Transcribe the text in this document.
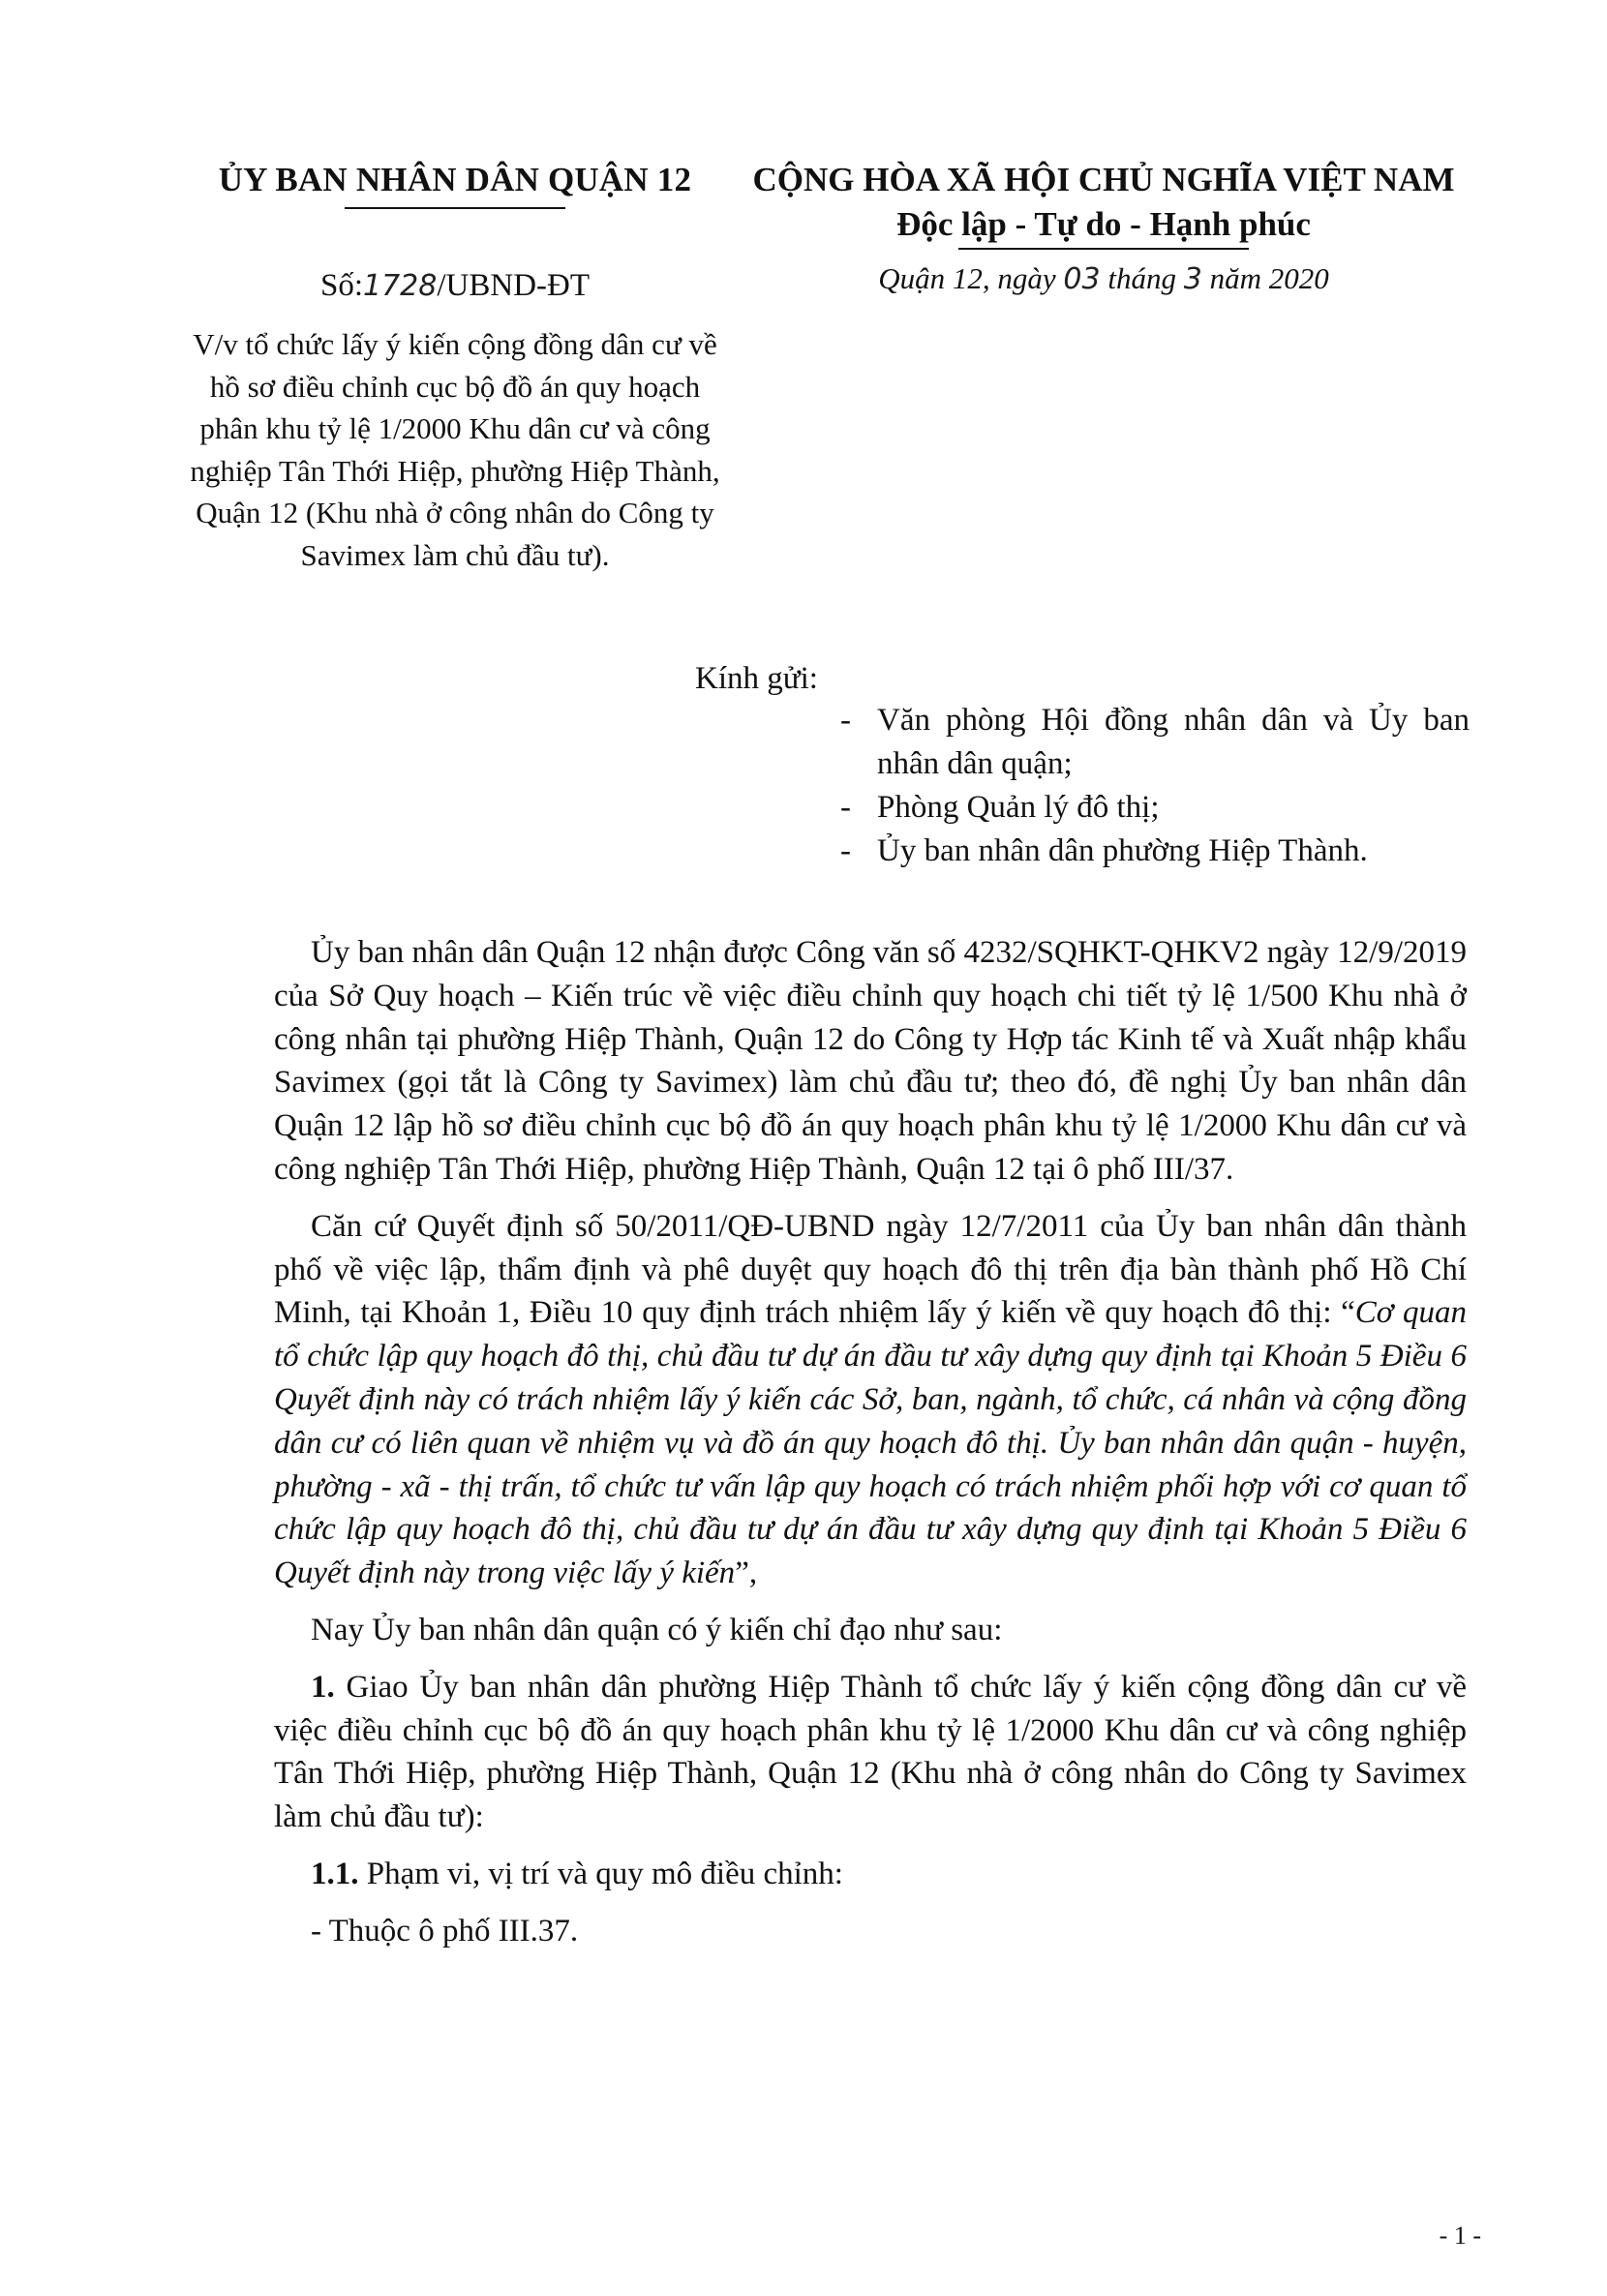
ỦY BAN NHÂN DÂN QUẬN 12	CỘNG HÒA XÃ HỘI CHỦ NGHĨA VIỆT NAM
Độc lập - Tự do - Hạnh phúc
Số:1728/UBND-ĐT	Quận 12, ngày 03 tháng 3 năm 2020
V/v tổ chức lấy ý kiến cộng đồng dân cư về hồ sơ điều chỉnh cục bộ đồ án quy hoạch phân khu tỷ lệ 1/2000 Khu dân cư và công nghiệp Tân Thới Hiệp, phường Hiệp Thành, Quận 12 (Khu nhà ở công nhân do Công ty Savimex làm chủ đầu tư).
Kính gửi:
- Văn phòng Hội đồng nhân dân và Ủy ban nhân dân quận;
- Phòng Quản lý đô thị;
- Ủy ban nhân dân phường Hiệp Thành.

Ủy ban nhân dân Quận 12 nhận được Công văn số 4232/SQHKT-QHKV2 ngày 12/9/2019 của Sở Quy hoạch – Kiến trúc về việc điều chỉnh quy hoạch chi tiết tỷ lệ 1/500 Khu nhà ở công nhân tại phường Hiệp Thành, Quận 12 do Công ty Hợp tác Kinh tế và Xuất nhập khẩu Savimex (gọi tắt là Công ty Savimex) làm chủ đầu tư; theo đó, đề nghị Ủy ban nhân dân Quận 12 lập hồ sơ điều chỉnh cục bộ đồ án quy hoạch phân khu tỷ lệ 1/2000 Khu dân cư và công nghiệp Tân Thới Hiệp, phường Hiệp Thành, Quận 12 tại ô phố III/37.

Căn cứ Quyết định số 50/2011/QĐ-UBND ngày 12/7/2011 của Ủy ban nhân dân thành phố về việc lập, thẩm định và phê duyệt quy hoạch đô thị trên địa bàn thành phố Hồ Chí Minh, tại Khoản 1, Điều 10 quy định trách nhiệm lấy ý kiến về quy hoạch đô thị: “Cơ quan tổ chức lập quy hoạch đô thị, chủ đầu tư dự án đầu tư xây dựng quy định tại Khoản 5 Điều 6 Quyết định này có trách nhiệm lấy ý kiến các Sở, ban, ngành, tổ chức, cá nhân và cộng đồng dân cư có liên quan về nhiệm vụ và đồ án quy hoạch đô thị. Ủy ban nhân dân quận - huyện, phường - xã - thị trấn, tổ chức tư vấn lập quy hoạch có trách nhiệm phối hợp với cơ quan tổ chức lập quy hoạch đô thị, chủ đầu tư dự án đầu tư xây dựng quy định tại Khoản 5 Điều 6 Quyết định này trong việc lấy ý kiến”,

Nay Ủy ban nhân dân quận có ý kiến chỉ đạo như sau:

1. Giao Ủy ban nhân dân phường Hiệp Thành tổ chức lấy ý kiến cộng đồng dân cư về việc điều chỉnh cục bộ đồ án quy hoạch phân khu tỷ lệ 1/2000 Khu dân cư và công nghiệp Tân Thới Hiệp, phường Hiệp Thành, Quận 12 (Khu nhà ở công nhân do Công ty Savimex làm chủ đầu tư):

1.1. Phạm vi, vị trí và quy mô điều chỉnh:

- Thuộc ô phố III.37.

- 1 -
